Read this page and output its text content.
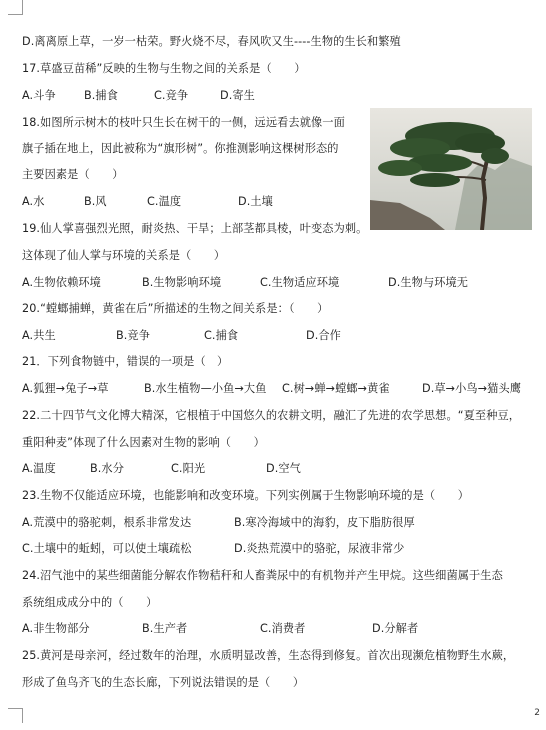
D.离离原上草，一岁一枯荣。野火烧不尽，春风吹又生----生物的生长和繁殖
17.草盛豆苗稀”反映的生物与生物之间的关系是（　　）
A.斗争	B.捕食	C.竞争	D.寄生
18.如图所示树木的枝叶只生长在树干的一侧，远远看去就像一面
旗子插在地上，因此被称为“旗形树”。你推测影响这棵树形态的
主要因素是（　　）
A.水	B.风	C.温度	D.土壤
19.仙人掌喜强烈光照，耐炎热、干旱；上部茎都具棱，叶变态为刺。
这体现了仙人掌与环境的关系是（　　）
A.生物依赖环境	B.生物影响环境	C.生物适应环境	D.生物与环境无
20.“螳螂捕蝉，黄雀在后”所描述的生物之间关系是：（　　）
A.共生	B.竞争	C.捕食	D.合作
21．下列食物链中，错误的一项是（　）
A.狐狸→兔子→草	B.水生植物—小鱼→大鱼 C.树→蝉→螳螂→黄雀	D.草→小鸟→猫头鹰
22.二十四节气文化博大精深，它根植于中国悠久的农耕文明，融汇了先进的农学思想。“夏至种豆，
重阳种麦”体现了什么因素对生物的影响（　　）
A.温度	B.水分	C.阳光	D.空气
23.生物不仅能适应环境，也能影响和改变环境。下列实例属于生物影响环境的是（　　）
A.荒漠中的骆驼刺，根系非常发达	B.寒冷海域中的海豹，皮下脂肪很厚
C.土壤中的蚯蚓，可以使土壤疏松	D.炎热荒漠中的骆驼，尿液非常少
24.沼气池中的某些细菌能分解农作物秸秆和人畜粪尿中的有机物并产生甲烷。这些细菌属于生态
系统组成成分中的（　　）
A.非生物部分	B.生产者	C.消费者	D.分解者
25.黄河是母亲河，经过数年的治理，水质明显改善，生态得到修复。首次出现濒危植物野生水蕨，
形成了鱼鸟齐飞的生态长廊，下列说法错误的是（　　）
2
